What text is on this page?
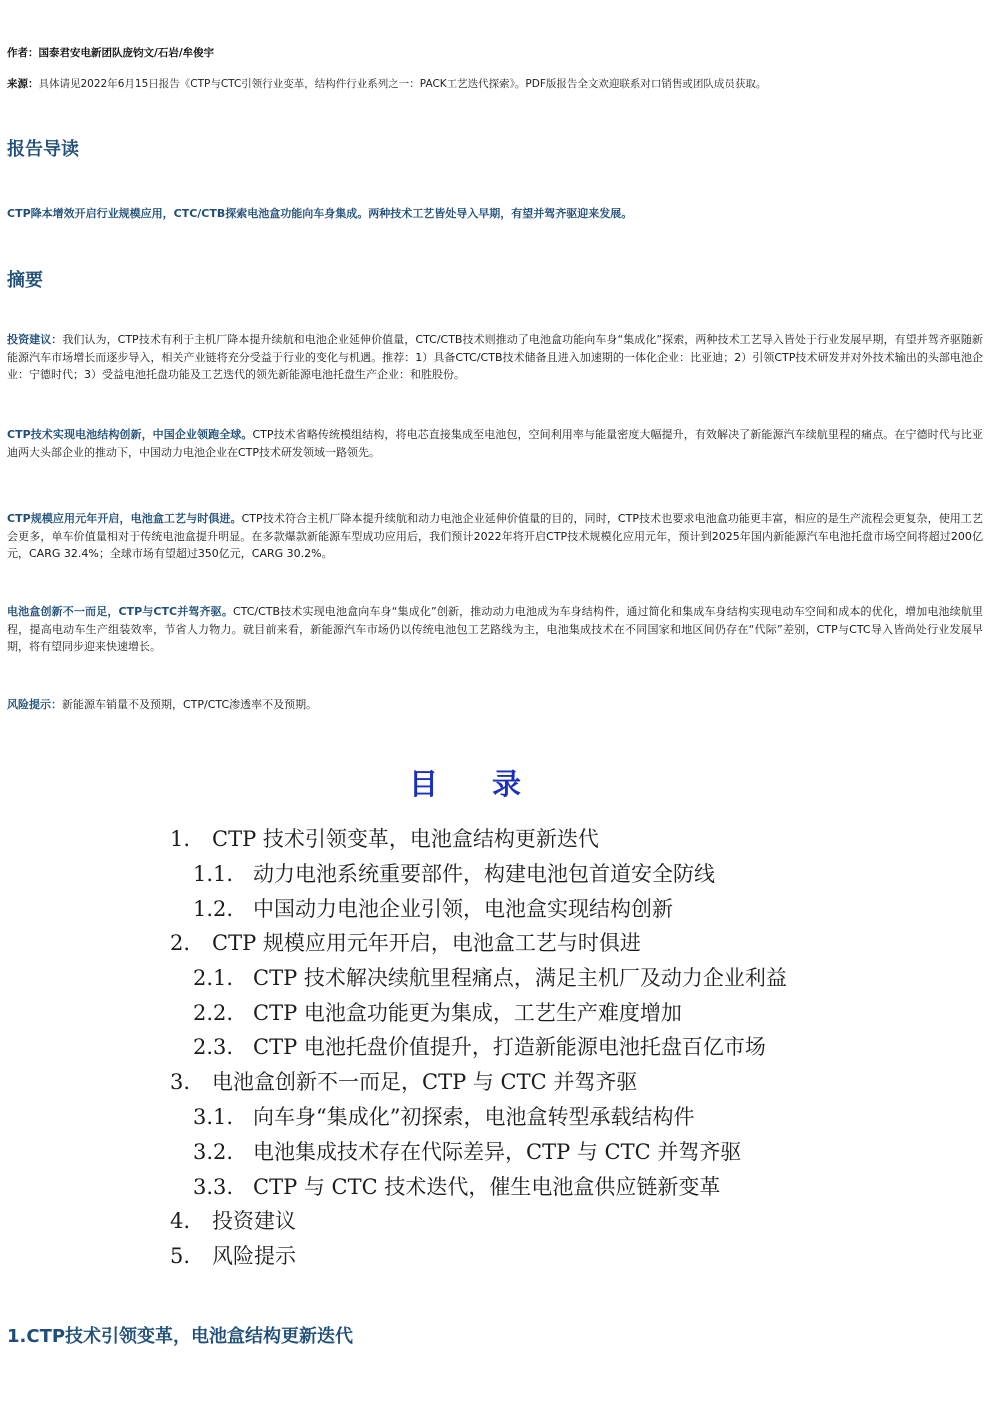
作者：国泰君安电新团队庞钧文/石岩/牟俊宇
来源：具体请见2022年6月15日报告《CTP与CTC引领行业变革，结构件行业系列之一：PACK工艺迭代探索》。PDF版报告全文欢迎联系对口销售或团队成员获取。
报告导读
CTP降本增效开启行业规模应用，CTC/CTB探索电池盒功能向车身集成。两种技术工艺皆处导入早期，有望并驾齐驱迎来发展。
摘要
投资建议：我们认为，CTP技术有利于主机厂降本提升续航和电池企业延伸价值量，CTC/CTB技术则推动了电池盒功能向车身“集成化”探索，两种技术工艺导入皆处于行业发展早期，有望并驾齐驱随新能源汽车市场增长而逐步导入，相关产业链将充分受益于行业的变化与机遇。推荐：1）具备CTC/CTB技术储备且进入加速期的一体化企业：比亚迪；2）引领CTP技术研发并对外技术输出的头部电池企业：宁德时代；3）受益电池托盘功能及工艺迭代的领先新能源电池托盘生产企业：和胜股份。
CTP技术实现电池结构创新，中国企业领跑全球。CTP技术省略传统模组结构，将电芯直接集成至电池包，空间利用率与能量密度大幅提升，有效解决了新能源汽车续航里程的痛点。在宁德时代与比亚迪两大头部企业的推动下，中国动力电池企业在CTP技术研发领域一路领先。
CTP规模应用元年开启，电池盒工艺与时俱进。CTP技术符合主机厂降本提升续航和动力电池企业延伸价值量的目的，同时，CTP技术也要求电池盒功能更丰富，相应的是生产流程会更复杂，使用工艺会更多，单车价值量相对于传统电池盒提升明显。在多款爆款新能源车型成功应用后，我们预计2022年将开启CTP技术规模化应用元年，预计到2025年国内新能源汽车电池托盘市场空间将超过200亿元，CARG 32.4%；全球市场有望超过350亿元，CARG 30.2%。
电池盒创新不一而足，CTP与CTC并驾齐驱。CTC/CTB技术实现电池盒向车身“集成化”创新，推动动力电池成为车身结构件，通过简化和集成车身结构实现电动车空间和成本的优化，增加电池续航里程，提高电动车生产组装效率，节省人力物力。就目前来看，新能源汽车市场仍以传统电池包工艺路线为主，电池集成技术在不同国家和地区间仍存在“代际”差别，CTP与CTC导入皆尚处行业发展早期，将有望同步迎来快速增长。
风险提示：新能源车销量不及预期，CTP/CTC渗透率不及预期。
目 录
1. CTP 技术引领变革，电池盒结构更新迭代
1.1. 动力电池系统重要部件，构建电池包首道安全防线
1.2. 中国动力电池企业引领，电池盒实现结构创新
2. CTP 规模应用元年开启，电池盒工艺与时俱进
2.1. CTP 技术解决续航里程痛点，满足主机厂及动力企业利益
2.2. CTP 电池盒功能更为集成，工艺生产难度增加
2.3. CTP 电池托盘价值提升，打造新能源电池托盘百亿市场
3. 电池盒创新不一而足，CTP 与 CTC 并驾齐驱
3.1. 向车身“集成化”初探索，电池盒转型承载结构件
3.2. 电池集成技术存在代际差异，CTP 与 CTC 并驾齐驱
3.3. CTP 与 CTC 技术迭代，催生电池盒供应链新变革
4. 投资建议
5. 风险提示
1.CTP技术引领变革，电池盒结构更新迭代
